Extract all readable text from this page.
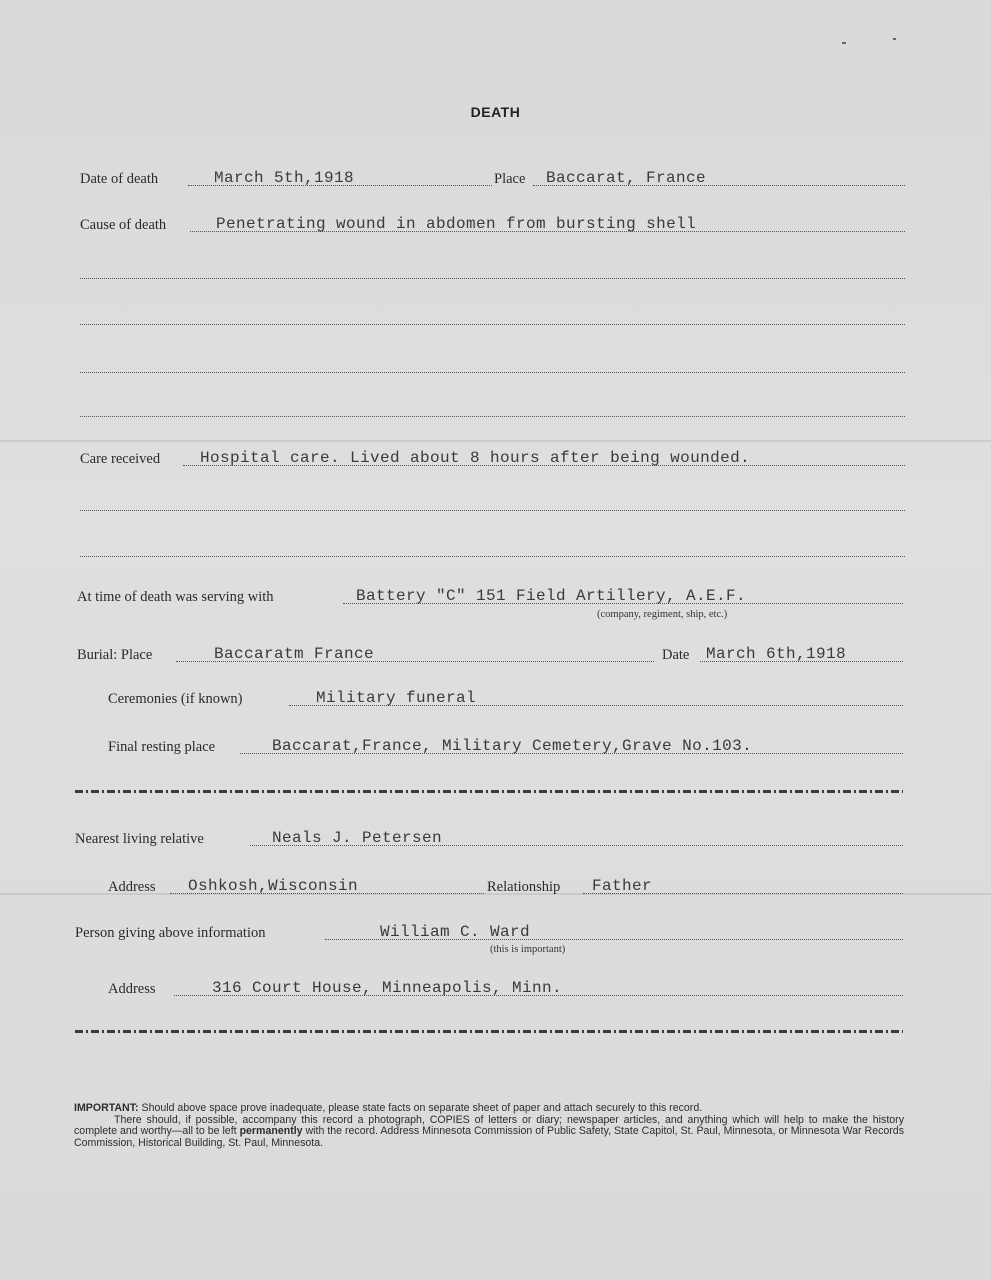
DEATH
Date of death	March 5th,1918	Place Baccarat, France
Cause of death	Penetrating wound in abdomen from bursting shell
Care received Hospital care. Lived about 8 hours after being wounded.
At time of death was serving with	Battery "C" 151 Field Artillery, A.E.F.
(company, regiment, ship, etc.)
Burial: Place	Baccaratm France	Date March 6th,1918
Ceremonies (if known)	Military funeral
Final resting place	Baccarat,France, Military Cemetery,Grave No.103.
Nearest living relative	Neals J. Petersen
Address Oshkosh,Wisconsin	Relationship Father
Person giving above information	William C. Ward
(this is important)
Address	316 Court House, Minneapolis, Minn.

IMPORTANT: Should above space prove inadequate, please state facts on separate sheet of paper and attach securely to this record.

There should, if possible, accompany this record a photograph, COPIES of letters or diary; newspaper articles, and anything which will help to make the history complete and worthy—all to be left permanently with the record. Address Minnesota Commission of Public Safety, State Capitol, St. Paul, Minnesota, or Minnesota War Records Commission, Historical Building, St. Paul, Minnesota.
